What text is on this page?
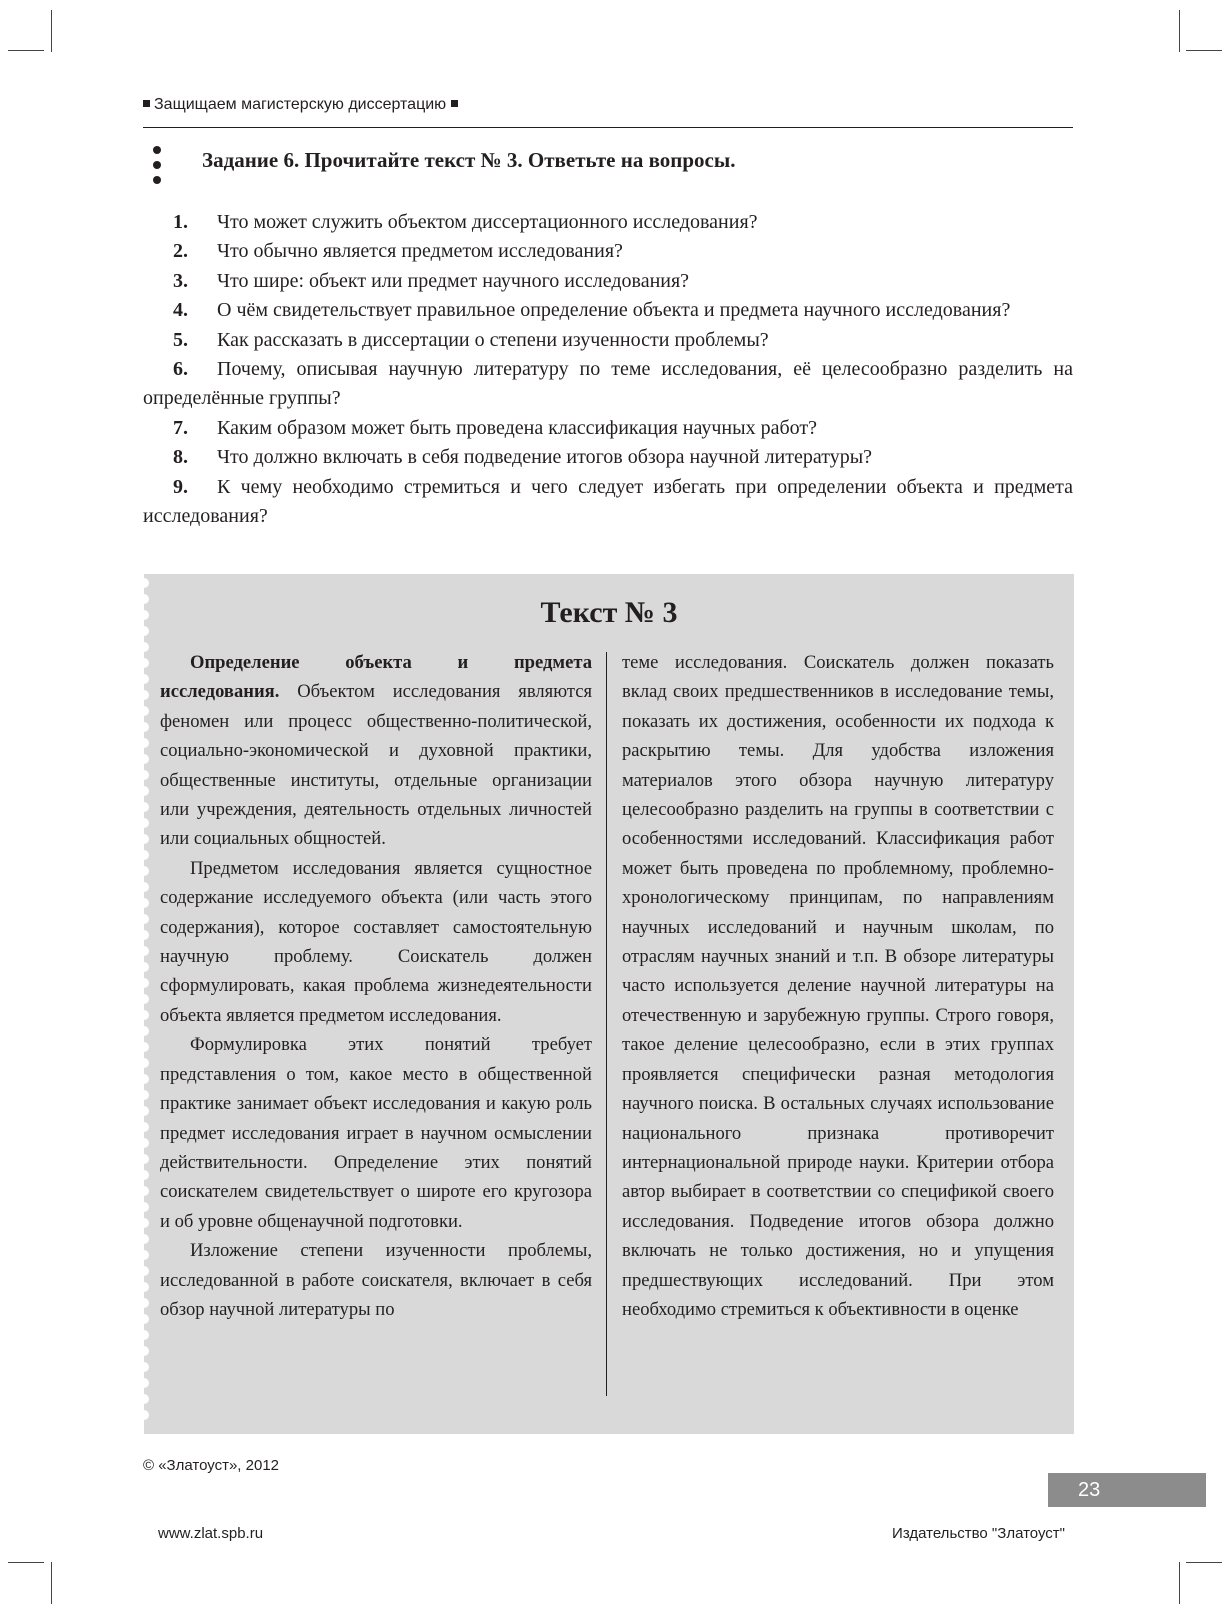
Защищаем магистерскую диссертацию
Задание 6. Прочитайте текст № 3. Ответьте на вопросы.

1. Что может служить объектом диссертационного исследования?

2. Что обычно является предметом исследования?

3. Что шире: объект или предмет научного исследования?

4. О чём свидетельствует правильное определение объекта и предмета научного исследования?

5. Как рассказать в диссертации о степени изученности проблемы?

6. Почему, описывая научную литературу по теме исследования, её целесообразно разделить на определённые группы?

7. Каким образом может быть проведена классификация научных работ?

8. Что должно включать в себя подведение итогов обзора научной литературы?

9. К чему необходимо стремиться и чего следует избегать при определении объекта и предмета исследования?

Текст № 3

Определение объекта и предмета исследования. Объектом исследования являются феномен или процесс общественно-политической, социально-экономической и духовной практики, общественные институты, отдельные организации или учреждения, деятельность отдельных личностей или социальных общностей.

Предметом исследования является сущностное содержание исследуемого объекта (или часть этого содержания), которое составляет самостоятельную научную проблему. Соискатель должен сформулировать, какая проблема жизнедеятельности объекта является предметом исследования.

Формулировка этих понятий требует представления о том, какое место в общественной практике занимает объект исследования и какую роль предмет исследования играет в научном осмыслении действительности. Определение этих понятий соискателем свидетельствует о широте его кругозора и об уровне общенаучной подготовки.

Изложение степени изученности проблемы, исследованной в работе соискателя, включает в себя обзор научной литературы по

теме исследования. Соискатель должен показать вклад своих предшественников в исследование темы, показать их достижения, особенности их подхода к раскрытию темы. Для удобства изложения материалов этого обзора научную литературу целесообразно разделить на группы в соответствии с особенностями исследований. Классификация работ может быть проведена по проблемному, проблемно-хронологическому принципам, по направлениям научных исследований и научным школам, по отраслям научных знаний и т.п. В обзоре литературы часто используется деление научной литературы на отечественную и зарубежную группы. Строго говоря, такое деление целесообразно, если в этих группах проявляется специфически разная методология научного поиска. В остальных случаях использование национального признака противоречит интернациональной природе науки. Критерии отбора автор выбирает в соответствии со спецификой своего исследования. Подведение итогов обзора должно включать не только достижения, но и упущения предшествующих исследований. При этом необходимо стремиться к объективности в оценке

© «Златоуст», 2012
23
www.zlat.spb.ru	Издательство "Златоуст"
